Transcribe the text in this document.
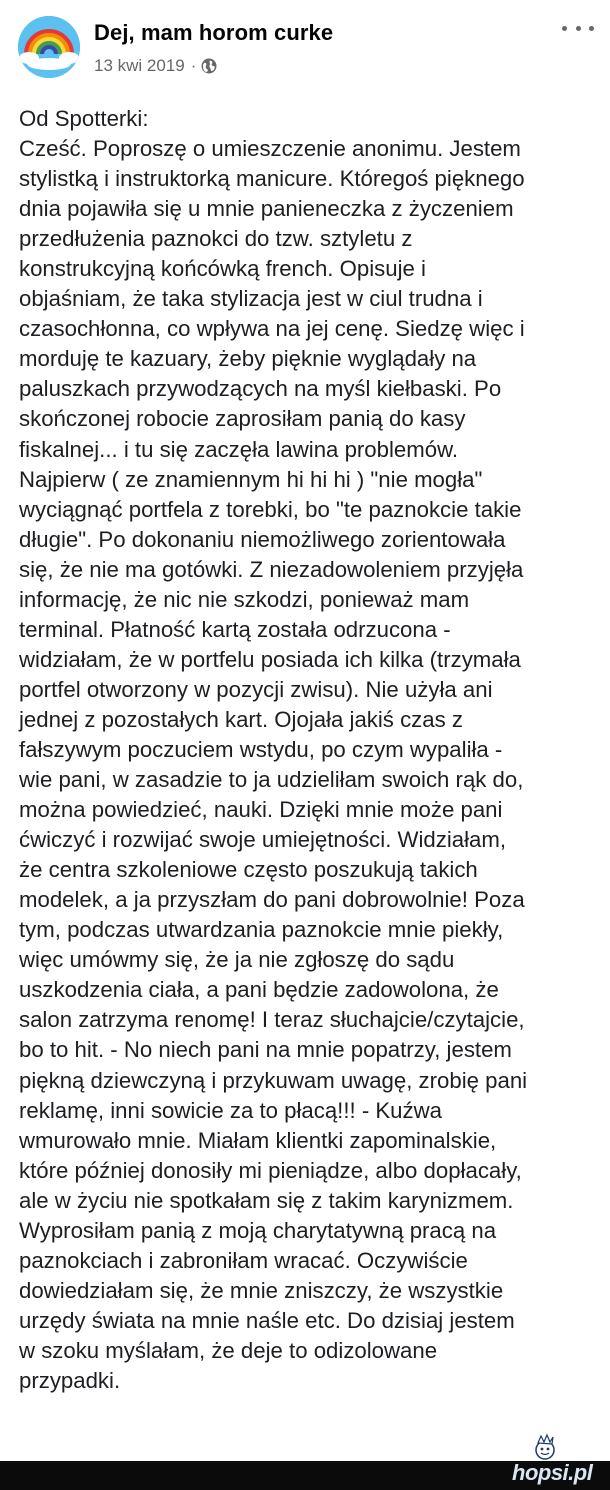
Dej, mam horom curke
13 kwi 2019 ·
Od Spotterki:
Cześć. Poproszę o umieszczenie anonimu. Jestem
stylistką i instruktorką manicure. Któregoś pięknego
dnia pojawiła się u mnie panieneczka z życzeniem
przedłużenia paznokci do tzw. sztyletu z
konstrukcyjną końcówką french. Opisuje i
objaśniam, że taka stylizacja jest w ciul trudna i
czasochłonna, co wpływa na jej cenę. Siedzę więc i
morduję te kazuary, żeby pięknie wyglądały na
paluszkach przywodzących na myśl kiełbaski. Po
skończonej robocie zaprosiłam panią do kasy
fiskalnej... i tu się zaczęła lawina problemów.
Najpierw ( ze znamiennym hi hi hi ) "nie mogła"
wyciągnąć portfela z torebki, bo "te paznokcie takie
długie". Po dokonaniu niemożliwego zorientowała
się, że nie ma gotówki. Z niezadowoleniem przyjęła
informację, że nic nie szkodzi, ponieważ mam
terminal. Płatność kartą została odrzucona -
widziałam, że w portfelu posiada ich kilka (trzymała
portfel otworzony w pozycji zwisu). Nie użyła ani
jednej z pozostałych kart. Ojojała jakiś czas z
fałszywym poczuciem wstydu, po czym wypaliła -
wie pani, w zasadzie to ja udzieliłam swoich rąk do,
można powiedzieć, nauki. Dzięki mnie może pani
ćwiczyć i rozwijać swoje umiejętności. Widziałam,
że centra szkoleniowe często poszukują takich
modelek, a ja przyszłam do pani dobrowolnie! Poza
tym, podczas utwardzania paznokcie mnie piekły,
więc umówmy się, że ja nie zgłoszę do sądu
uszkodzenia ciała, a pani będzie zadowolona, że
salon zatrzyma renomę! I teraz słuchajcie/czytajcie,
bo to hit. - No niech pani na mnie popatrzy, jestem
piękną dziewczyną i przykuwam uwagę, zrobię pani
reklamę, inni sowicie za to płacą!!! - Kuźwa
wmurowało mnie. Miałam klientki zapominalskie,
które później donosiły mi pieniądze, albo dopłacały,
ale w życiu nie spotkałam się z takim karynizmem.
Wyprosiłam panią z moją charytatywną pracą na
paznokciach i zabroniłam wracać. Oczywiście
dowiedziałam się, że mnie zniszczy, że wszystkie
urzędy świata na mnie naśle etc. Do dzisiaj jestem
w szoku myślałam, że deje to odizolowane
przypadki.
hopsi.pl
